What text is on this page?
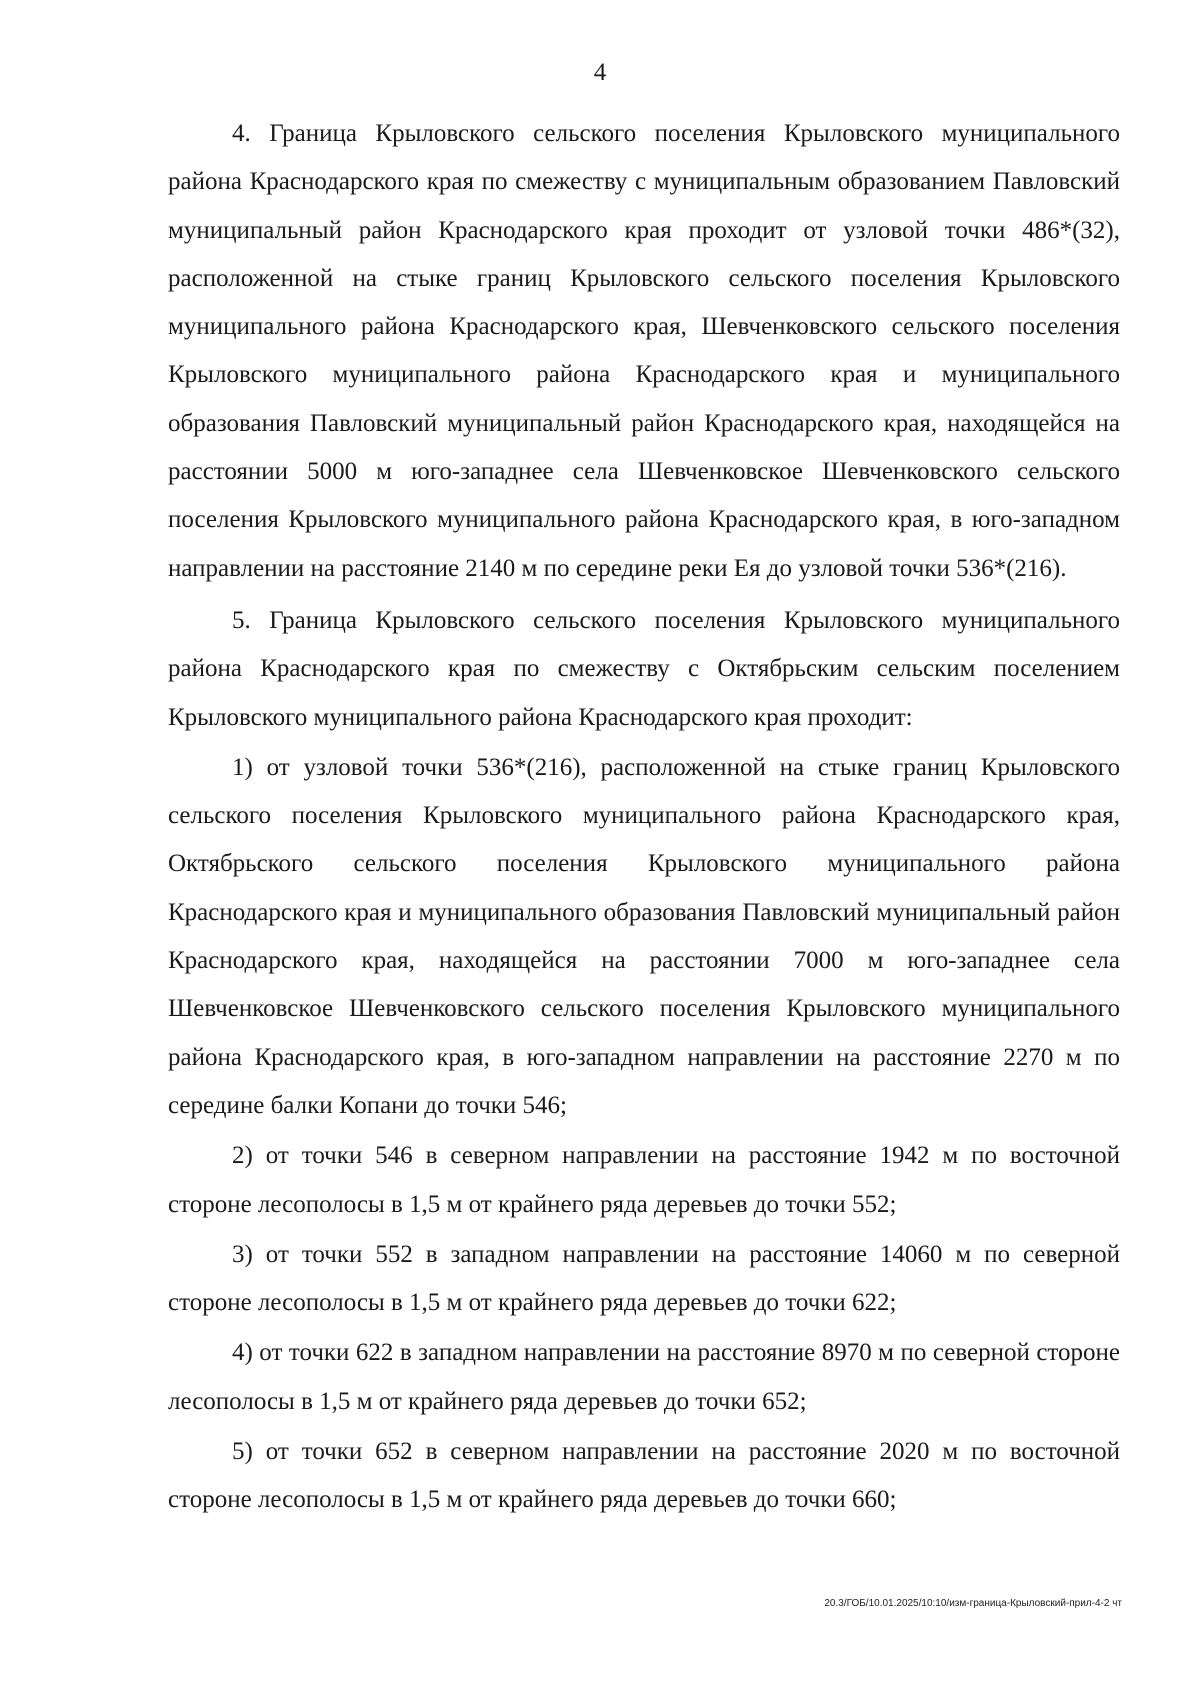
4

4. Граница Крыловского сельского поселения Крыловского муниципального района Краснодарского края по смежеству с муниципальным образованием Павловский муниципальный район Краснодарского края проходит от узловой точки 486*(32), расположенной на стыке границ Крыловского сельского поселения Крыловского муниципального района Краснодарского края, Шевченковского сельского поселения Крыловского муниципального района Краснодарского края и муниципального образования Павловский муниципальный район Краснодарского края, находящейся на расстоянии 5000 м юго-западнее села Шевченковское Шевченковского сельского поселения Крыловского муниципального района Краснодарского края, в юго-западном направлении на расстояние 2140 м по середине реки Ея до узловой точки 536*(216).

5. Граница Крыловского сельского поселения Крыловского муниципального района Краснодарского края по смежеству с Октябрьским сельским поселением Крыловского муниципального района Краснодарского края проходит:

1) от узловой точки 536*(216), расположенной на стыке границ Крыловского сельского поселения Крыловского муниципального района Краснодарского края, Октябрьского сельского поселения Крыловского муниципального района Краснодарского края и муниципального образования Павловский муниципальный район Краснодарского края, находящейся на расстоянии 7000 м юго-западнее села Шевченковское Шевченковского сельского поселения Крыловского муниципального района Краснодарского края, в юго-западном направлении на расстояние 2270 м по середине балки Копани до точки 546;

2) от точки 546 в северном направлении на расстояние 1942 м по восточной стороне лесополосы в 1,5 м от крайнего ряда деревьев до точки 552;

3) от точки 552 в западном направлении на расстояние 14060 м по северной стороне лесополосы в 1,5 м от крайнего ряда деревьев до точки 622;

4) от точки 622 в западном направлении на расстояние 8970 м по северной стороне лесополосы в 1,5 м от крайнего ряда деревьев до точки 652;

5) от точки 652 в северном направлении на расстояние 2020 м по восточной стороне лесополосы в 1,5 м от крайнего ряда деревьев до точки 660;

20.3/ГОБ/10.01.2025/10:10/изм-граница-Крыловский-прил-4-2 чт
